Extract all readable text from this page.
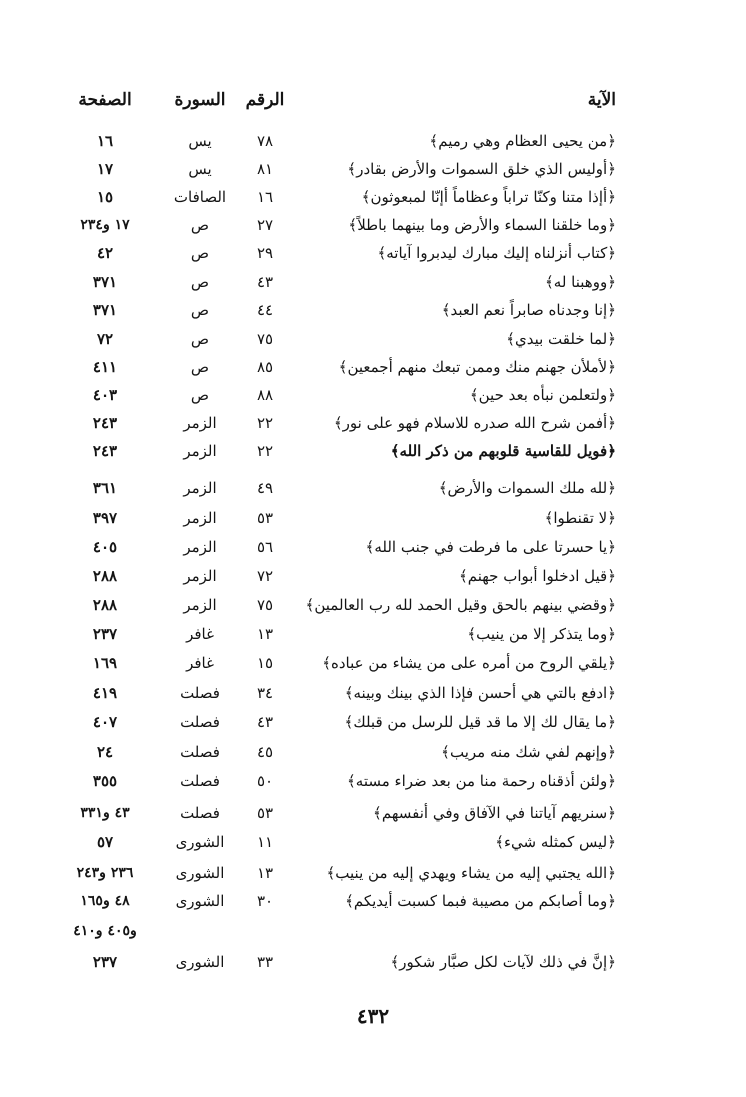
الآية
الرقم
السورة
الصفحة
﴿من يحيى العظام وهي رميم﴾
٧٨
يس
١٦
﴿أوليس الذي خلق السموات والأرض بقادر﴾
٨١
يس
١٧
﴿أإذا متنا وكنّا تراباً وعظاماً أإنّا لمبعوثون﴾
١٦
الصافات
١٥
﴿وما خلقنا السماء والأرض وما بينهما باطلاً﴾
٢٧
ص
١٧ و٢٣٤
﴿كتاب أنزلناه إليك مبارك ليدبروا آياته﴾
٢٩
ص
٤٢
﴿ووهبنا له﴾
٤٣
ص
٣٧١
﴿إنا وجدناه صابراً نعم العبد﴾
٤٤
ص
٣٧١
﴿لما خلقت بيدي﴾
٧٥
ص
٧٢
﴿لأملأن جهنم منك وممن تبعك منهم أجمعين﴾
٨٥
ص
٤١١
﴿ولتعلمن نبأه بعد حين﴾
٨٨
ص
٤٠٣
﴿أفمن شرح الله صدره للاسلام فهو على نور﴾
٢٢
الزمر
٢٤٣
﴿فويل للقاسية قلوبهم من ذكر الله﴾
٢٢
الزمر
٢٤٣
﴿لله ملك السموات والأرض﴾
٤٩
الزمر
٣٦١
﴿لا تقنطوا﴾
٥٣
الزمر
٣٩٧
﴿يا حسرتا على ما فرطت في جنب الله﴾
٥٦
الزمر
٤٠٥
﴿قيل ادخلوا أبواب جهنم﴾
٧٢
الزمر
٢٨٨
﴿وقضي بينهم بالحق وقيل الحمد لله رب العالمين﴾
٧٥
الزمر
٢٨٨
﴿وما يتذكر إلا من ينيب﴾
١٣
غافر
٢٣٧
﴿يلقي الروح من أمره على من يشاء من عباده﴾
١٥
غافر
١٦٩
﴿ادفع بالتي هي أحسن فإذا الذي بينك وبينه﴾
٣٤
فصلت
٤١٩
﴿ما يقال لك إلا ما قد قيل للرسل من قبلك﴾
٤٣
فصلت
٤٠٧
﴿وإنهم لفي شك منه مريب﴾
٤٥
فصلت
٢٤
﴿ولئن أذقناه رحمة منا من بعد ضراء مسته﴾
٥٠
فصلت
٣٥٥
﴿سنريهم آياتنا في الآفاق وفي أنفسهم﴾
٥٣
فصلت
٤٣ و٣٣١
﴿ليس كمثله شيء﴾
١١
الشورى
٥٧
﴿الله يجتبي إليه من يشاء ويهدي إليه من ينيب﴾
١٣
الشورى
٢٣٦ و٢٤٣
﴿وما أصابكم من مصيبة فبما كسبت أيديكم﴾
٣٠
الشورى
٤٨ و١٦٥
و٤٠٥ و٤١٠
﴿إنَّ في ذلك لآيات لكل صبَّار شكور﴾
٣٣
الشورى
٢٣٧
٤٣٢
